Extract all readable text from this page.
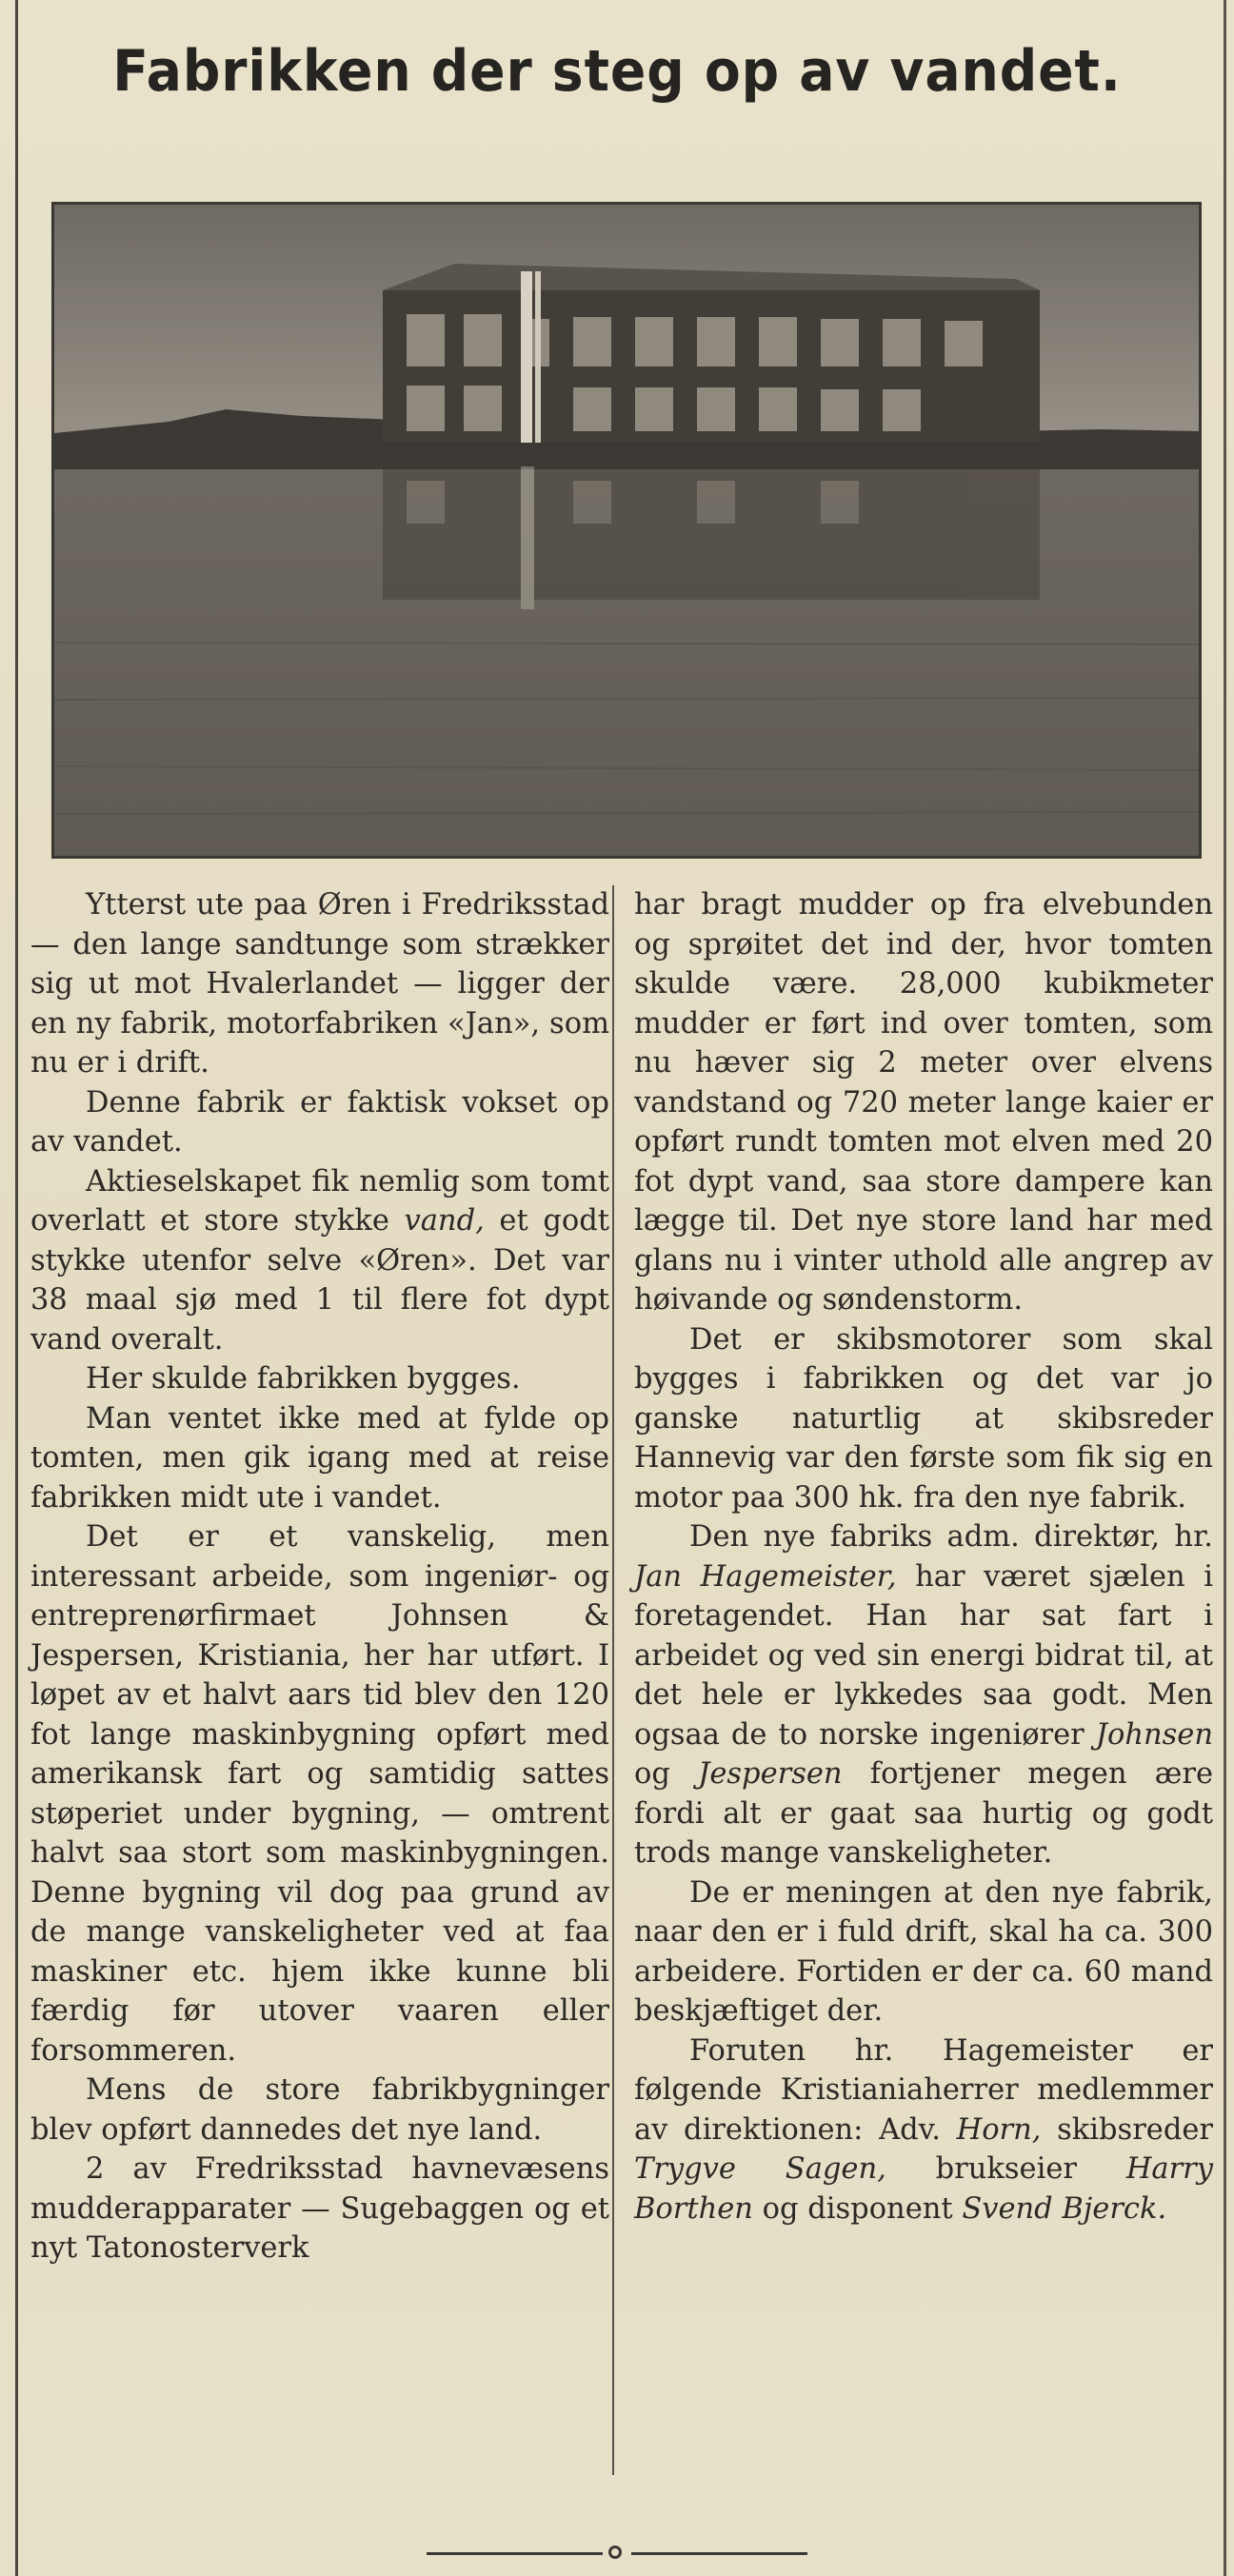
Fabrikken der steg op av vandet.

Ytterst ute paa Øren i Fredriksstad — den lange sandtunge som strækker sig ut mot Hvalerlandet — ligger der en ny fabrik, motorfabriken «Jan», som nu er i drift.

Denne fabrik er faktisk vokset op av vandet.

Aktieselskapet fik nemlig som tomt overlatt et store stykke vand, et godt stykke utenfor selve «Øren». Det var 38 maal sjø med 1 til flere fot dypt vand overalt.

Her skulde fabrikken bygges.

Man ventet ikke med at fylde op tomten, men gik igang med at reise fabrikken midt ute i vandet.

Det er et vanskelig, men interessant arbeide, som ingeniør- og entreprenørfirmaet Johnsen & Jespersen, Kristiania, her har utført. I løpet av et halvt aars tid blev den 120 fot lange maskinbygning opført med amerikansk fart og samtidig sattes støperiet under bygning, — omtrent halvt saa stort som maskinbygningen. Denne bygning vil dog paa grund av de mange vanskeligheter ved at faa maskiner etc. hjem ikke kunne bli færdig før utover vaaren eller forsommeren.

Mens de store fabrikbygninger blev opført dannedes det nye land.

2 av Fredriksstad havnevæsens mudderapparater — Sugebaggen og et nyt Tatonosterverk

har bragt mudder op fra elvebunden og sprøitet det ind der, hvor tomten skulde være. 28,000 kubikmeter mudder er ført ind over tomten, som nu hæver sig 2 meter over elvens vandstand og 720 meter lange kaier er opført rundt tomten mot elven med 20 fot dypt vand, saa store dampere kan lægge til. Det nye store land har med glans nu i vinter uthold alle angrep av høivande og søndenstorm.

Det er skibsmotorer som skal bygges i fabrikken og det var jo ganske naturtlig at skibsreder Hannevig var den første som fik sig en motor paa 300 hk. fra den nye fabrik.

Den nye fabriks adm. direktør, hr. Jan Hagemeister, har været sjælen i foretagendet. Han har sat fart i arbeidet og ved sin energi bidrat til, at det hele er lykkedes saa godt. Men ogsaa de to norske ingeniører Johnsen og Jespersen fortjener megen ære fordi alt er gaat saa hurtig og godt trods mange vanskeligheter.

De er meningen at den nye fabrik, naar den er i fuld drift, skal ha ca. 300 arbeidere. Fortiden er der ca. 60 mand beskjæftiget der.

Foruten hr. Hagemeister er følgende Kristianiaherrer medlemmer av direktionen: Adv. Horn, skibsreder Trygve Sagen, brukseier Harry Borthen og disponent Svend Bjerck.
